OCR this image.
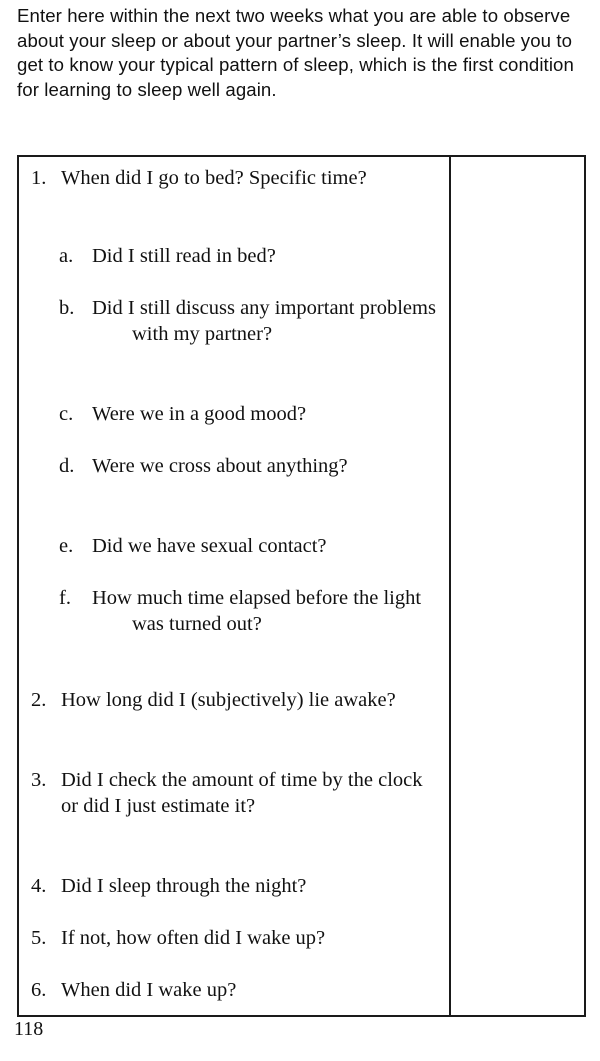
Enter here within the next two weeks what you are able to observe about your sleep or about your partner’s sleep. It will enable you to get to know your typical pattern of sleep, which is the first condition for learning to sleep well again.

1. When did I go to bed? Specific time?
a. Did I still read in bed?
b. Did I still discuss any important problems with my partner?
c. Were we in a good mood?
d. Were we cross about anything?
e. Did we have sexual contact?
f.	How much time elapsed before the light was turned out?
2. How long did I (subjectively) lie awake?
3. Did I check the amount of time by the clock or did I just estimate it?
4. Did I sleep through the night?
5. If not, how often did I wake up?
6. When did I wake up?

118
